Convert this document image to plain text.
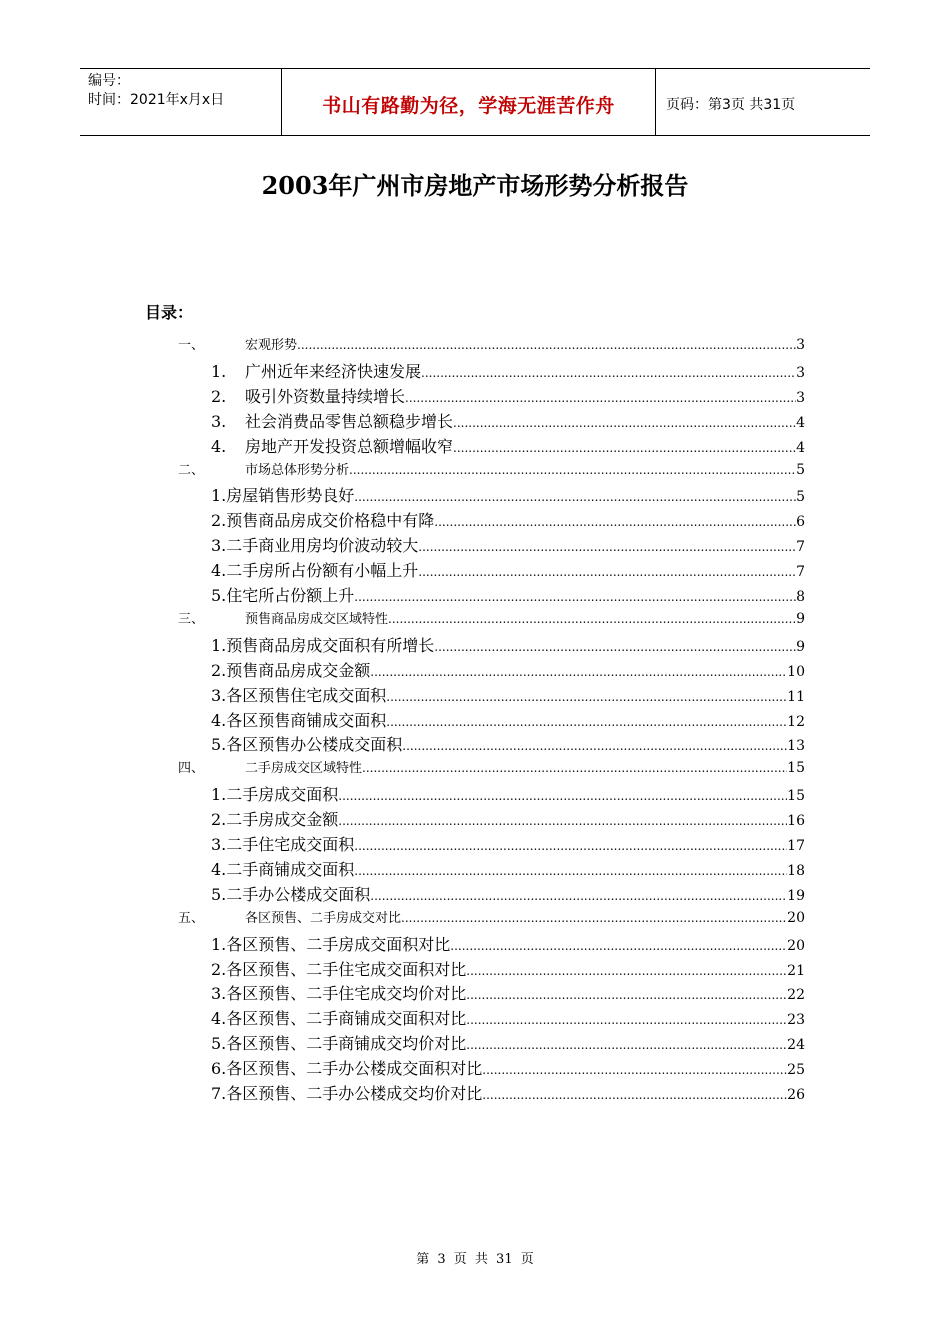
编号：
时间：2021年x月x日	书山有路勤为径，学海无涯苦作舟	页码：第3页 共31页
2003年广州市房地产市场形势分析报告
目录：
一、	宏观形势 .....	3
1.	广州近年来经济快速发展 .....	3
2.	吸引外资数量持续增长 .....	3
3.	社会消费品零售总额稳步增长 .....	4
4.	房地产开发投资总额增幅收窄 .....	4
二、	市场总体形势分析 .....	5
1. 房屋销售形势良好 .....	5
2. 预售商品房成交价格稳中有降 .....	6
3. 二手商业用房均价波动较大 .....	7
4. 二手房所占份额有小幅上升 .....	7
5. 住宅所占份额上升 .....	8
三、	预售商品房成交区域特性 .....	9
1. 预售商品房成交面积有所增长 .....	9
2. 预售商品房成交金额 .....	10
3. 各区预售住宅成交面积 .....	11
4. 各区预售商铺成交面积 .....	12
5. 各区预售办公楼成交面积 .....	13
四、	二手房成交区域特性 .....	15
1. 二手房成交面积 .....	15
2. 二手房成交金额 .....	16
3. 二手住宅成交面积 .....	17
4. 二手商铺成交面积 .....	18
5. 二手办公楼成交面积 .....	19
五、	各区预售、二手房成交对比 .....	20
1. 各区预售、二手房成交面积对比 .....	20
2. 各区预售、二手住宅成交面积对比 .....	21
3. 各区预售、二手住宅成交均价对比 .....	22
4. 各区预售、二手商铺成交面积对比 .....	23
5. 各区预售、二手商铺成交均价对比 .....	24
6. 各区预售、二手办公楼成交面积对比 .....	25
7. 各区预售、二手办公楼成交均价对比 .....	26
第 3 页 共 31 页
